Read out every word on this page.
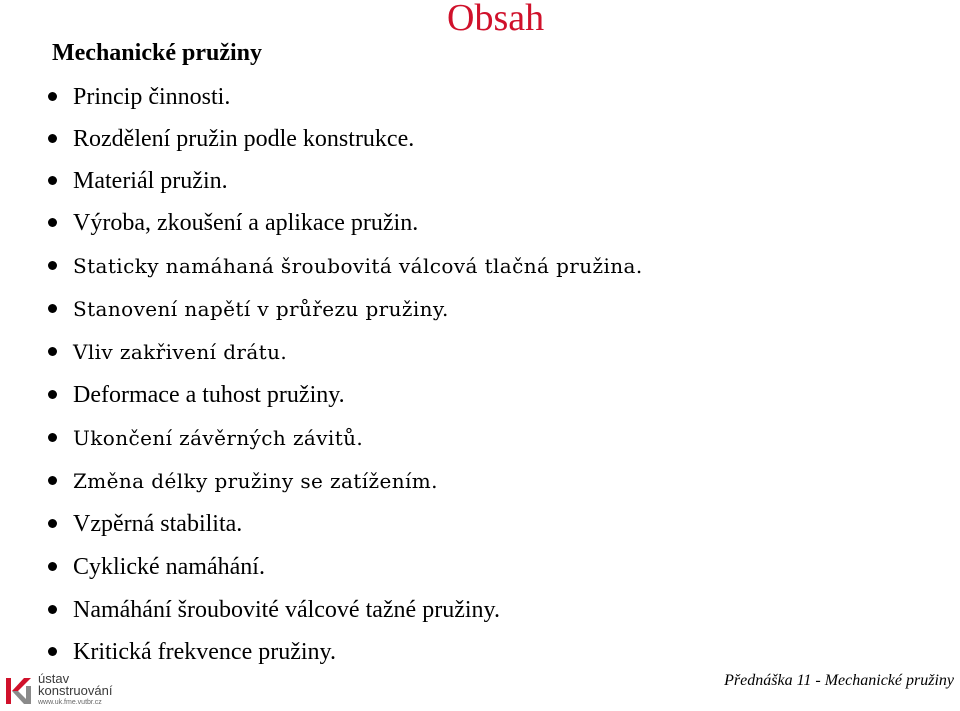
Obsah
Mechanické pružiny
Princip činnosti.
Rozdělení pružin podle konstrukce.
Materiál pružin.
Výroba, zkoušení a aplikace pružin.
Staticky namáhaná šroubovitá válcová tlačná pružina.
Stanovení napětí v průřezu pružiny.
Vliv zakřivení drátu.
Deformace a tuhost pružiny.
Ukončení závěrných závitů.
Změna délky pružiny se zatížením.
Vzpěrná stabilita.
Cyklické namáhání.
Namáhání šroubovité válcové tažné pružiny.
Kritická frekvence pružiny.
ústav
konstruování
www.uk.fme.vutbr.cz
Přednáška 11 - Mechanické pružiny
